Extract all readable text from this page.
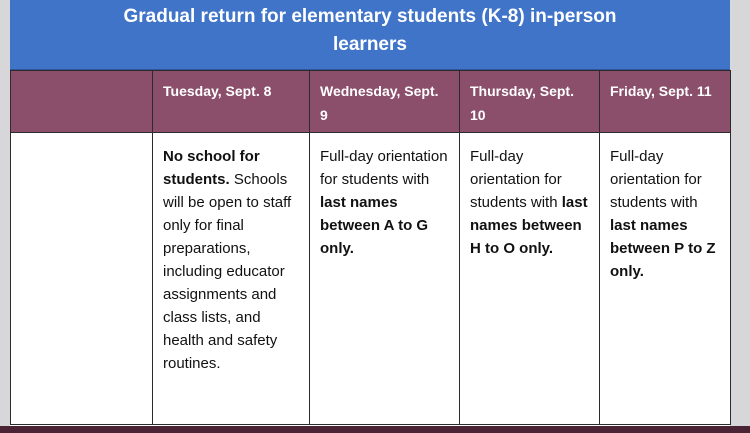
Gradual return for elementary students (K-8) in-person
learners
	Tuesday, Sept. 8	Wednesday, Sept. 9	Thursday, Sept. 10	Friday, Sept. 11
	No school for students. Schools will be open to staff only for final preparations, including educator assignments and class lists, and health and safety routines.	Full-day orientation for students with last names between A to G only.	Full-day orientation for students with last names between H to O only.	Full-day orientation for students with last names between P to Z only.
